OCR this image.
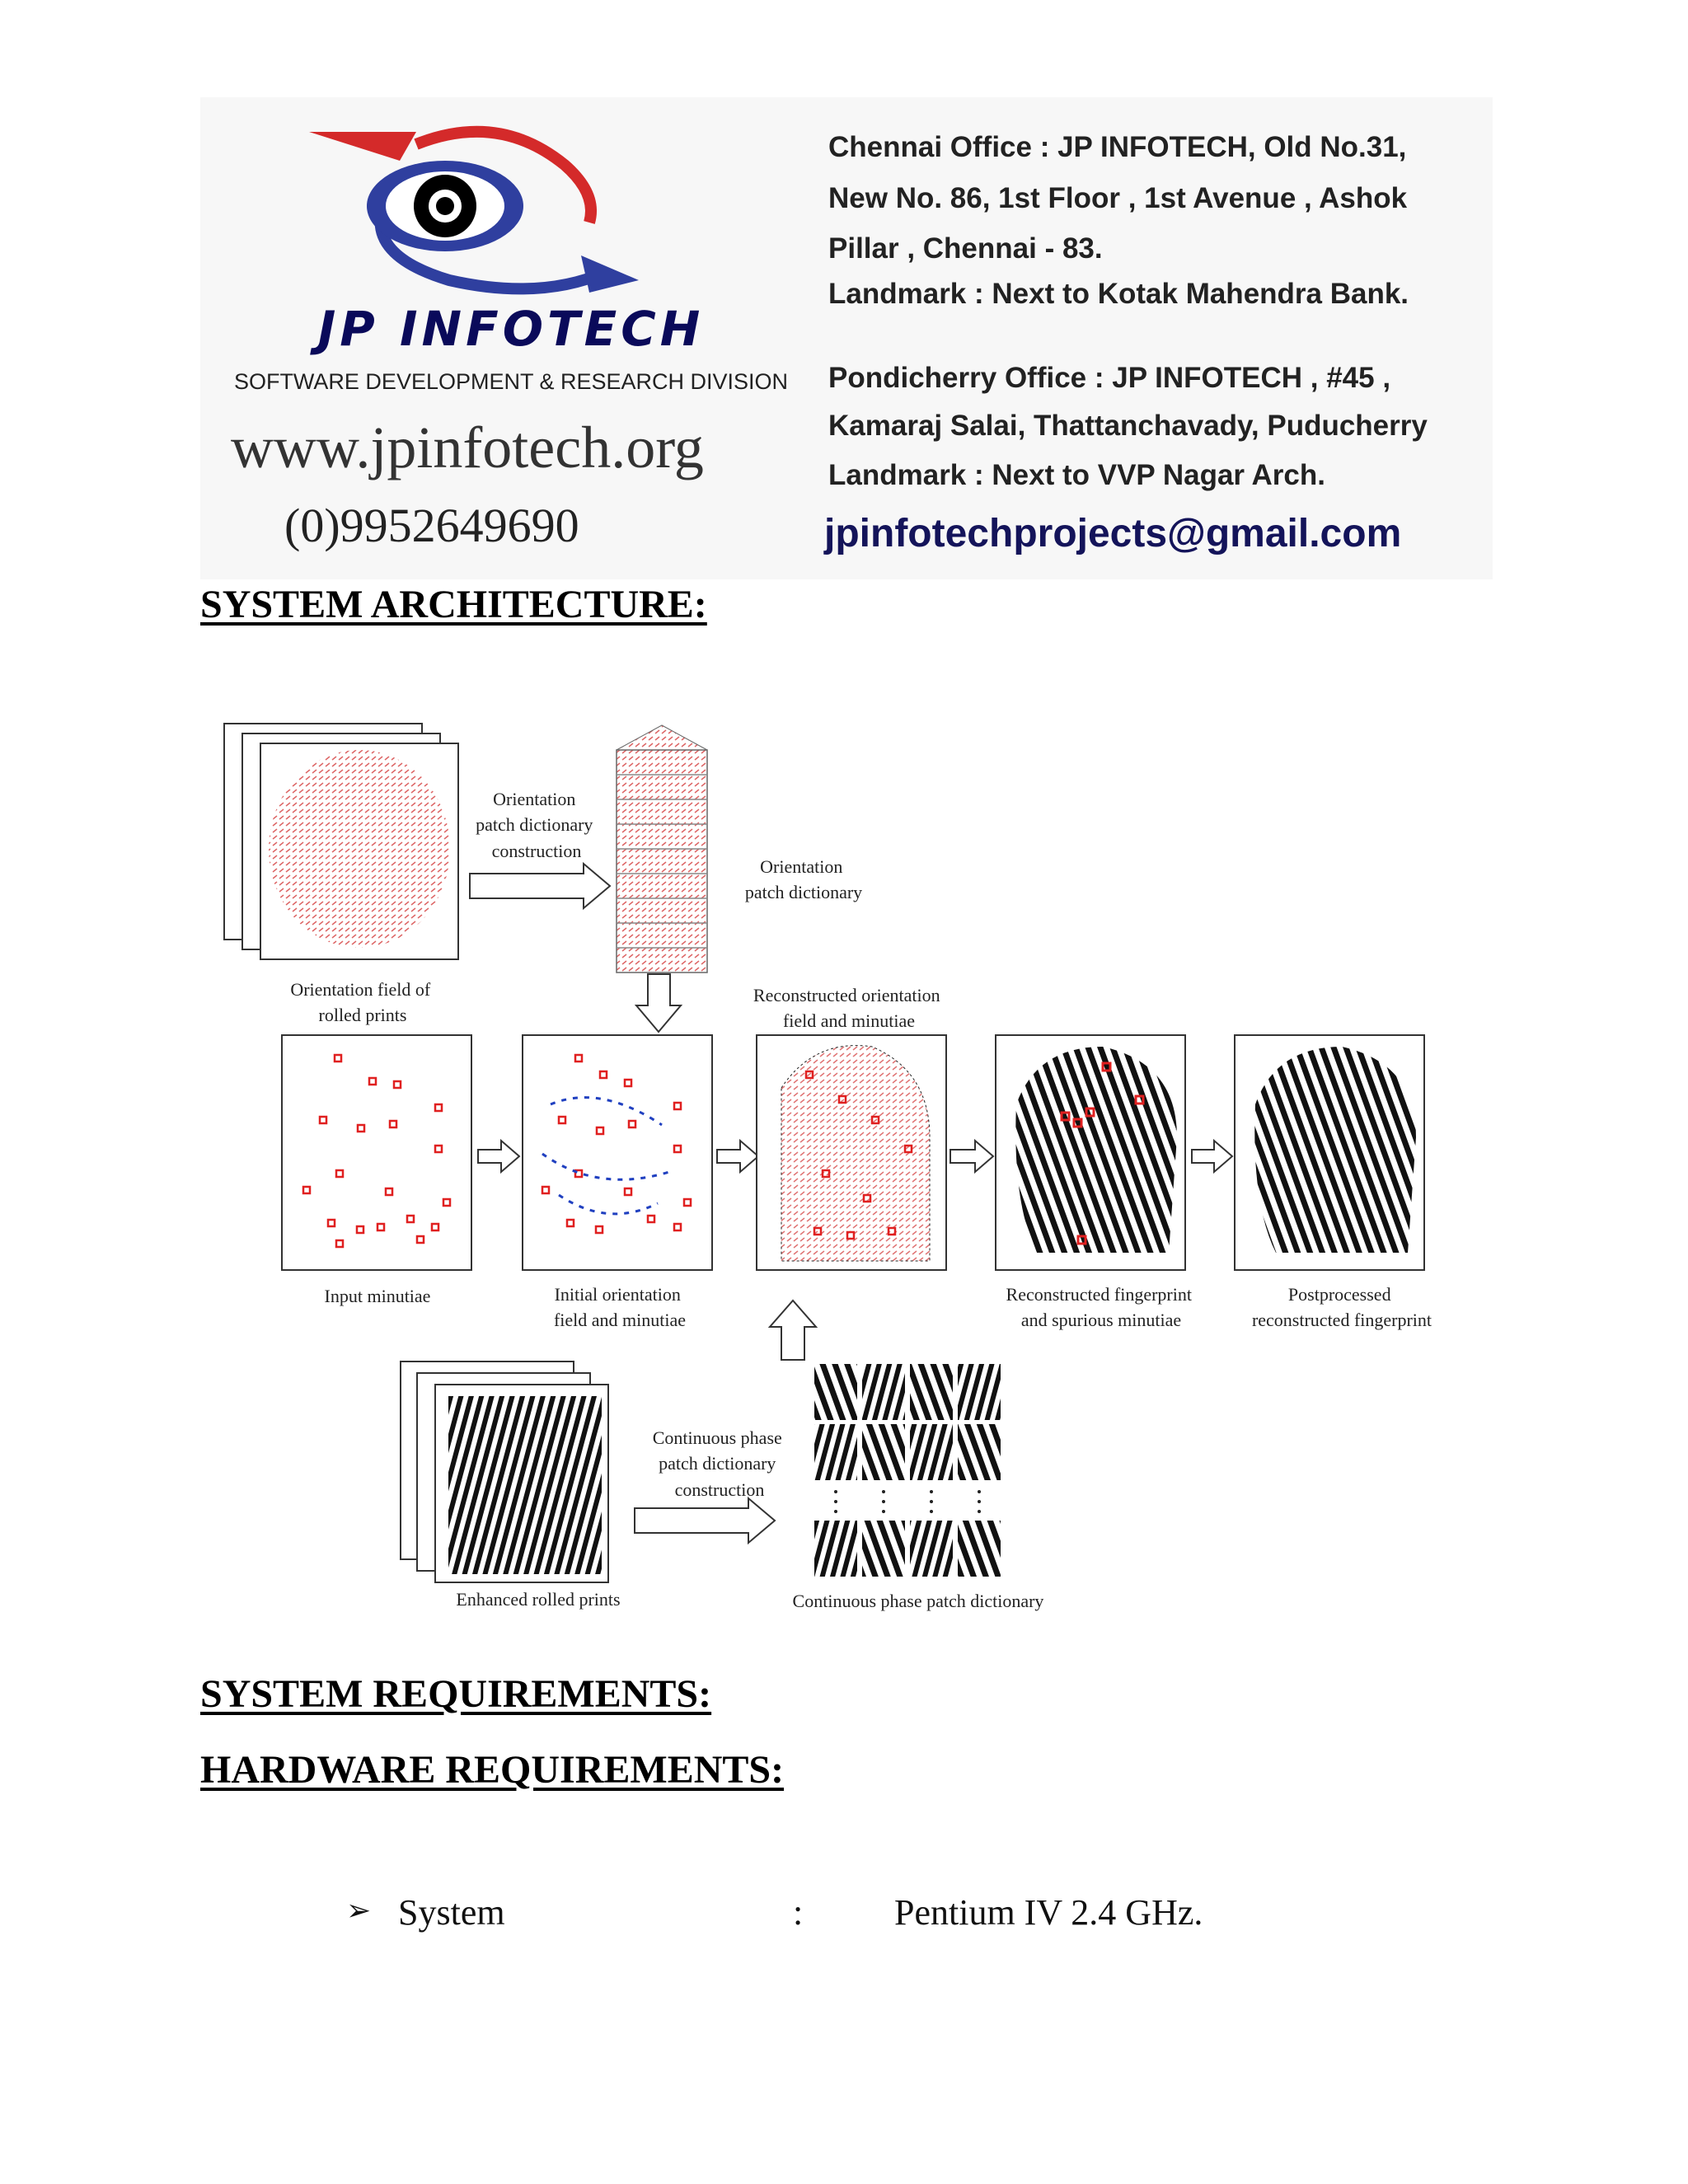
JP INFOTECH
SOFTWARE DEVELOPMENT & RESEARCH DIVISION
www.jpinfotech.org
(0)9952649690
Chennai Office : JP INFOTECH, Old No.31,
New No. 86, 1st Floor , 1st Avenue , Ashok
Pillar , Chennai - 83.
Landmark : Next to Kotak Mahendra Bank.
Pondicherry Office : JP INFOTECH , #45 ,
Kamaraj Salai, Thattanchavady, Puducherry
Landmark : Next to VVP Nagar Arch.
jpinfotechprojects@gmail.com
SYSTEM ARCHITECTURE:
Orientation field of rolled prints
Orientation patch dictionary construction
Orientation patch dictionary
Reconstructed orientation field and minutiae
Input minutiae	Initial orientation field and minutiae
Reconstructed fingerprint and spurious minutiae
Postprocessed reconstructed fingerprint
Enhanced rolled prints
Continuous phase patch dictionary construction
Continuous phase patch dictionary
SYSTEM REQUIREMENTS:
HARDWARE REQUIREMENTS:
➢ System	:	Pentium IV 2.4 GHz.
